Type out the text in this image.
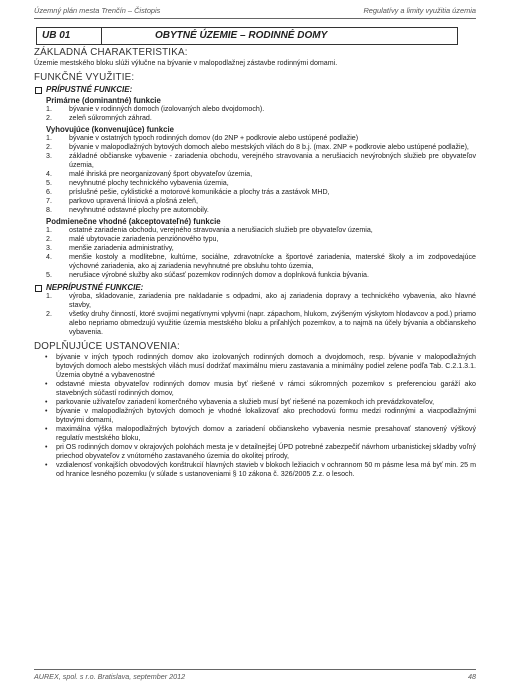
Územný plán mesta Trenčín – Čistopis	Regulatívy a limity využitia územia
UB 01	OBYTNÉ ÚZEMIE – RODINNÉ DOMY
ZÁKLADNÁ CHARAKTERISTIKA:

Územie mestského bloku slúži výlučne na bývanie v malopodlažnej zástavbe rodinnými domami.

FUNKČNÉ VYUŽITIE:
PRÍPUSTNÉ FUNKCIE:
Primárne (dominantné) funkcie
1. bývanie v rodinných domoch (izolovaných alebo dvojdomoch).
2. zeleň súkromných záhrad.
Vyhovujúce (konvenujúce) funkcie
1. bývanie v ostatných typoch rodinných domov (do 2NP + podkrovie alebo ustúpené podlažie)
2. bývanie v malopodlažných bytových domoch alebo mestských vilách do 8 b.j. (max. 2NP + podkrovie alebo ustúpené podlažie),
3. základné občianske vybavenie - zariadenia obchodu, verejného stravovania a nerušiacich nevýrobných služieb pre obyvateľov územia,
4. malé ihriská pre neorganizovaný šport obyvateľov územia,
5. nevyhnutné plochy technického vybavenia územia,
6. príslušné pešie, cyklistické a motorové komunikácie a plochy trás a zastávok MHD,
7. parkovo upravená líniová a plošná zeleň,
8. nevyhnutné odstavné plochy pre automobily.
Podmienečne vhodné (akceptovateľné) funkcie
1. ostatné zariadenia obchodu, verejného stravovania a nerušiacich služieb pre obyvateľov územia,
2. malé ubytovacie zariadenia penziónového typu,
3. menšie zariadenia administratívy,
4. menšie kostoly a modlitebne, kultúrne, sociálne, zdravotnícke a športové zariadenia, materské školy a im zodpovedajúce výchovné zariadenia, ako aj zariadenia nevyhnutné pre obsluhu tohto územia,
5. nerušiace výrobné služby ako súčasť pozemkov rodinných domov a doplnková funkcia bývania.
NEPRÍPUSTNÉ FUNKCIE:
1. výroba, skladovanie, zariadenia pre nakladanie s odpadmi, ako aj zariadenia dopravy a technického vybavenia, ako hlavné stavby,
2. všetky druhy činností, ktoré svojimi negatívnymi vplyvmi (napr. zápachom, hlukom, zvýšeným výskytom hlodavcov a pod.) priamo alebo nepriamo obmedzujú využitie územia mestského bloku a priľahlých pozemkov, a to najmä na účely bývania a občianskeho vybavenia.
DOPLŇUJÚCE USTANOVENIA:
• bývanie v iných typoch rodinných domov ako izolovaných rodinných domoch a dvojdomoch, resp. bývanie v malopodlažných bytových domoch alebo mestských vilách musí dodržať maximálnu mieru zastavania a minimálny podiel zelene podľa Tab. C.2.1.3.1. Územia obytné a vybavenostné
• odstavné miesta obyvateľov rodinných domov musia byť riešené v rámci súkromných pozemkov s preferenciou garáží ako stavebných súčastí rodinných domov,
• parkovanie užívateľov zariadení komerčného vybavenia a služieb musí byť riešené na pozemkoch ich prevádzkovateľov,
• bývanie v malopodlažných bytových domoch je vhodné lokalizovať ako prechodovú formu medzi rodinnými a viacpodlažnými bytovými domami,
• maximálna výška malopodlažných bytových domov a zariadení občianskeho vybavenia nesmie presahovať stanovený výškový regulatív mestského bloku,
• pri OS rodinných domov v okrajových polohách mesta je v detailnejšej ÚPD potrebné zabezpečiť návrhom urbanistickej skladby voľný priechod obyvateľov z vnútorného zastavaného územia do okolitej prírody,
• vzdialenosť vonkajších obvodových konštrukcií hlavných stavieb v blokoch ležiacich v ochrannom 50 m pásme lesa má byť min. 25 m od hranice lesného pozemku (v súlade s ustanoveniami § 10 zákona č. 326/2005 Z.z. o lesoch.
AUREX, spol. s r.o. Bratislava, september 2012	48
